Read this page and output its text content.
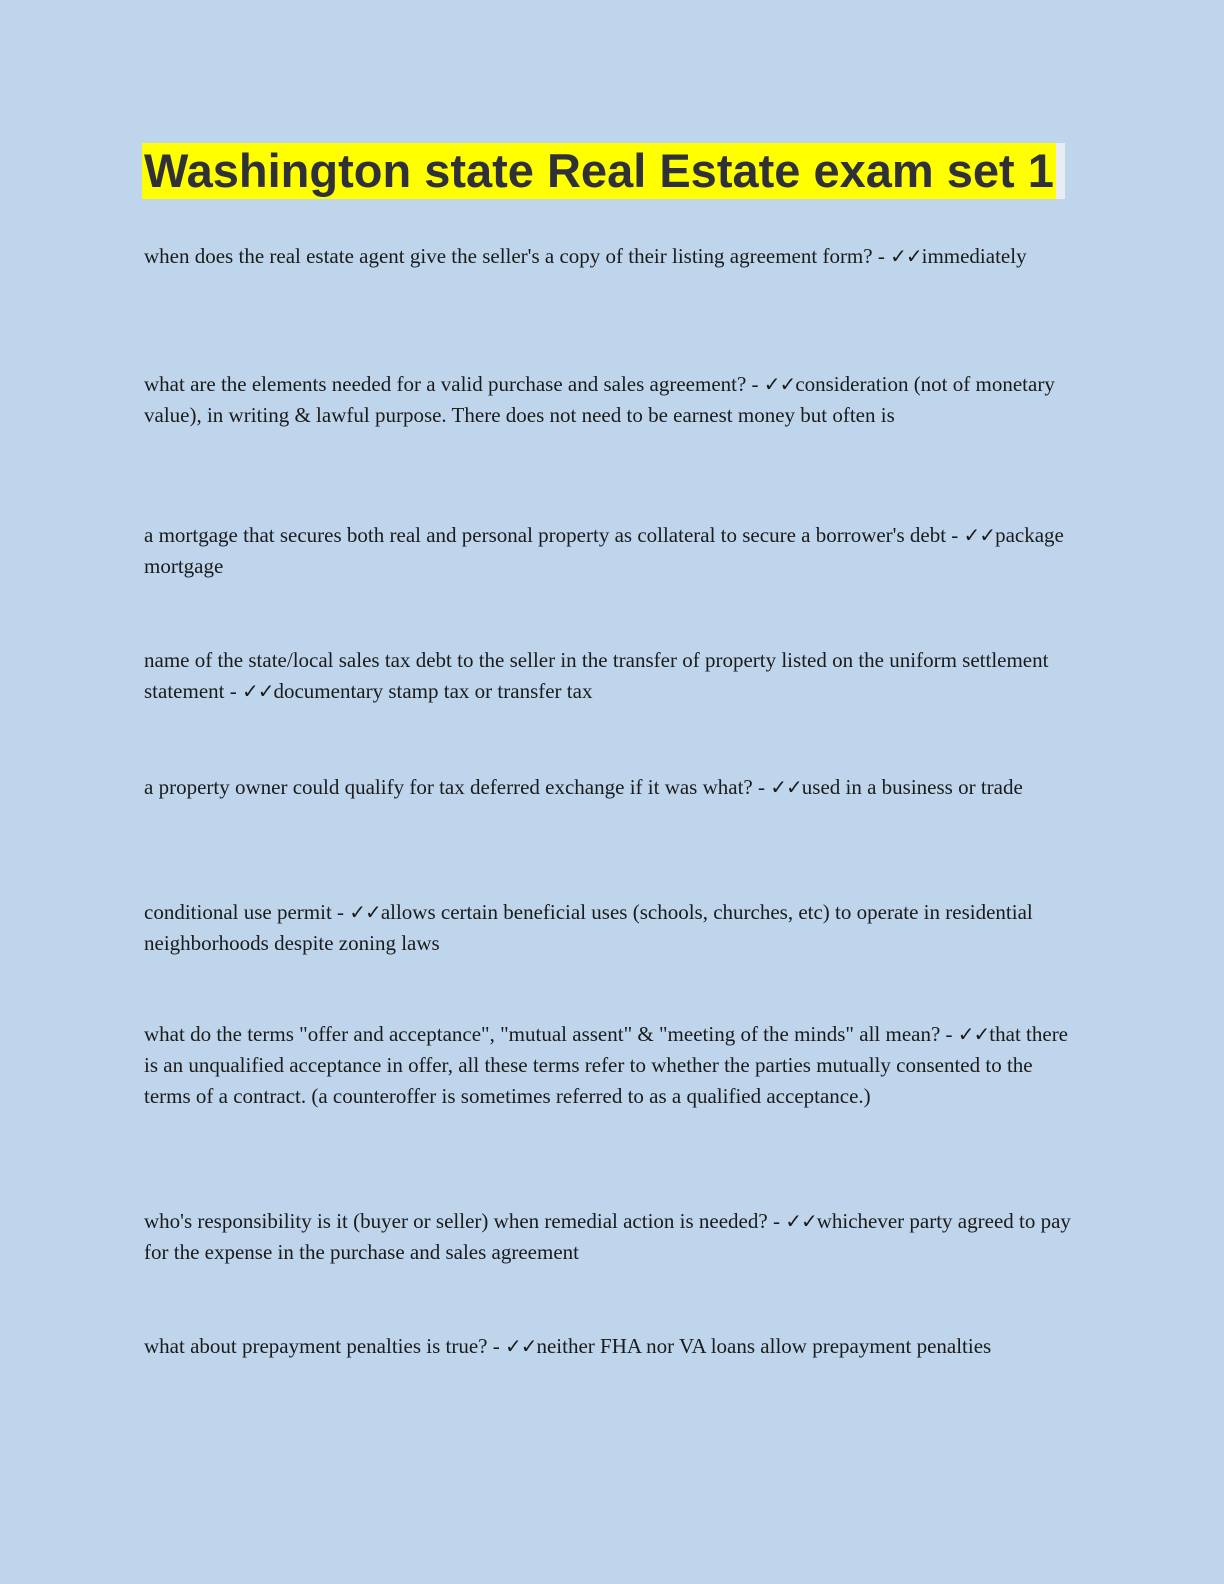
Washington state Real Estate exam set 1
when does the real estate agent give the seller's a copy of their listing agreement form? - ✓✓immediately
what are the elements needed for a valid purchase and sales agreement? - ✓✓consideration (not of monetary value), in writing & lawful purpose. There does not need to be earnest money but often is
a mortgage that secures both real and personal property as collateral to secure a borrower's debt - ✓✓package mortgage
name of the state/local sales tax debt to the seller in the transfer of property listed on the uniform settlement statement - ✓✓documentary stamp tax or transfer tax
a property owner could qualify for tax deferred exchange if it was what? - ✓✓used in a business or trade
conditional use permit - ✓✓allows certain beneficial uses (schools, churches, etc) to operate in residential neighborhoods despite zoning laws
what do the terms "offer and acceptance", "mutual assent" & "meeting of the minds" all mean? - ✓✓that there is an unqualified acceptance in offer, all these terms refer to whether the parties mutually consented to the terms of a contract. (a counteroffer is sometimes referred to as a qualified acceptance.)
who's responsibility is it (buyer or seller) when remedial action is needed? - ✓✓whichever party agreed to pay for the expense in the purchase and sales agreement
what about prepayment penalties is true? - ✓✓neither FHA nor VA loans allow prepayment penalties
